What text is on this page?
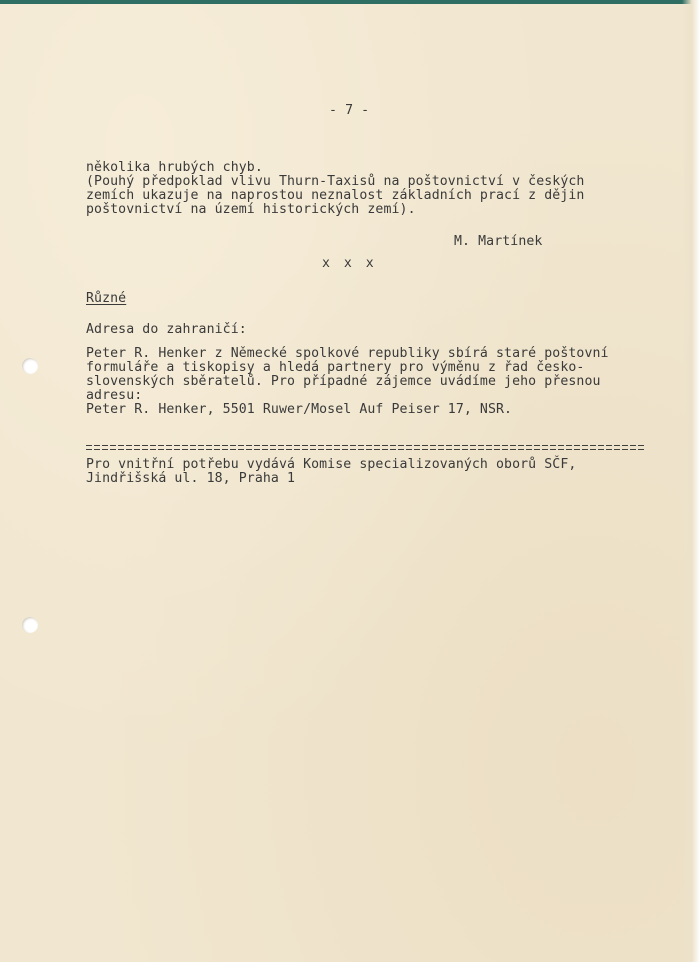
- 7 -
několika hrubých chyb.
(Pouhý předpoklad vlivu Thurn-Taxisů na poštovnictví v českých
zemích ukazuje na naprostou neznalost základních prací z dějin
poštovnictví na území historických zemí).
M. Martínek
x x x
Různé
Adresa do zahraničí:
Peter R. Henker z Německé spolkové republiky sbírá staré poštovní
formuláře a tiskopisy a hledá partnery pro výměnu z řad česko-
slovenských sběratelů. Pro případné zájemce uvádíme jeho přesnou
adresu:
Peter R. Henker, 5501 Ruwer/Mosel Auf Peiser 17, NSR.
Pro vnitřní potřebu vydává Komise specializovaných oborů SČF,
Jindřišská ul. 18, Praha 1
